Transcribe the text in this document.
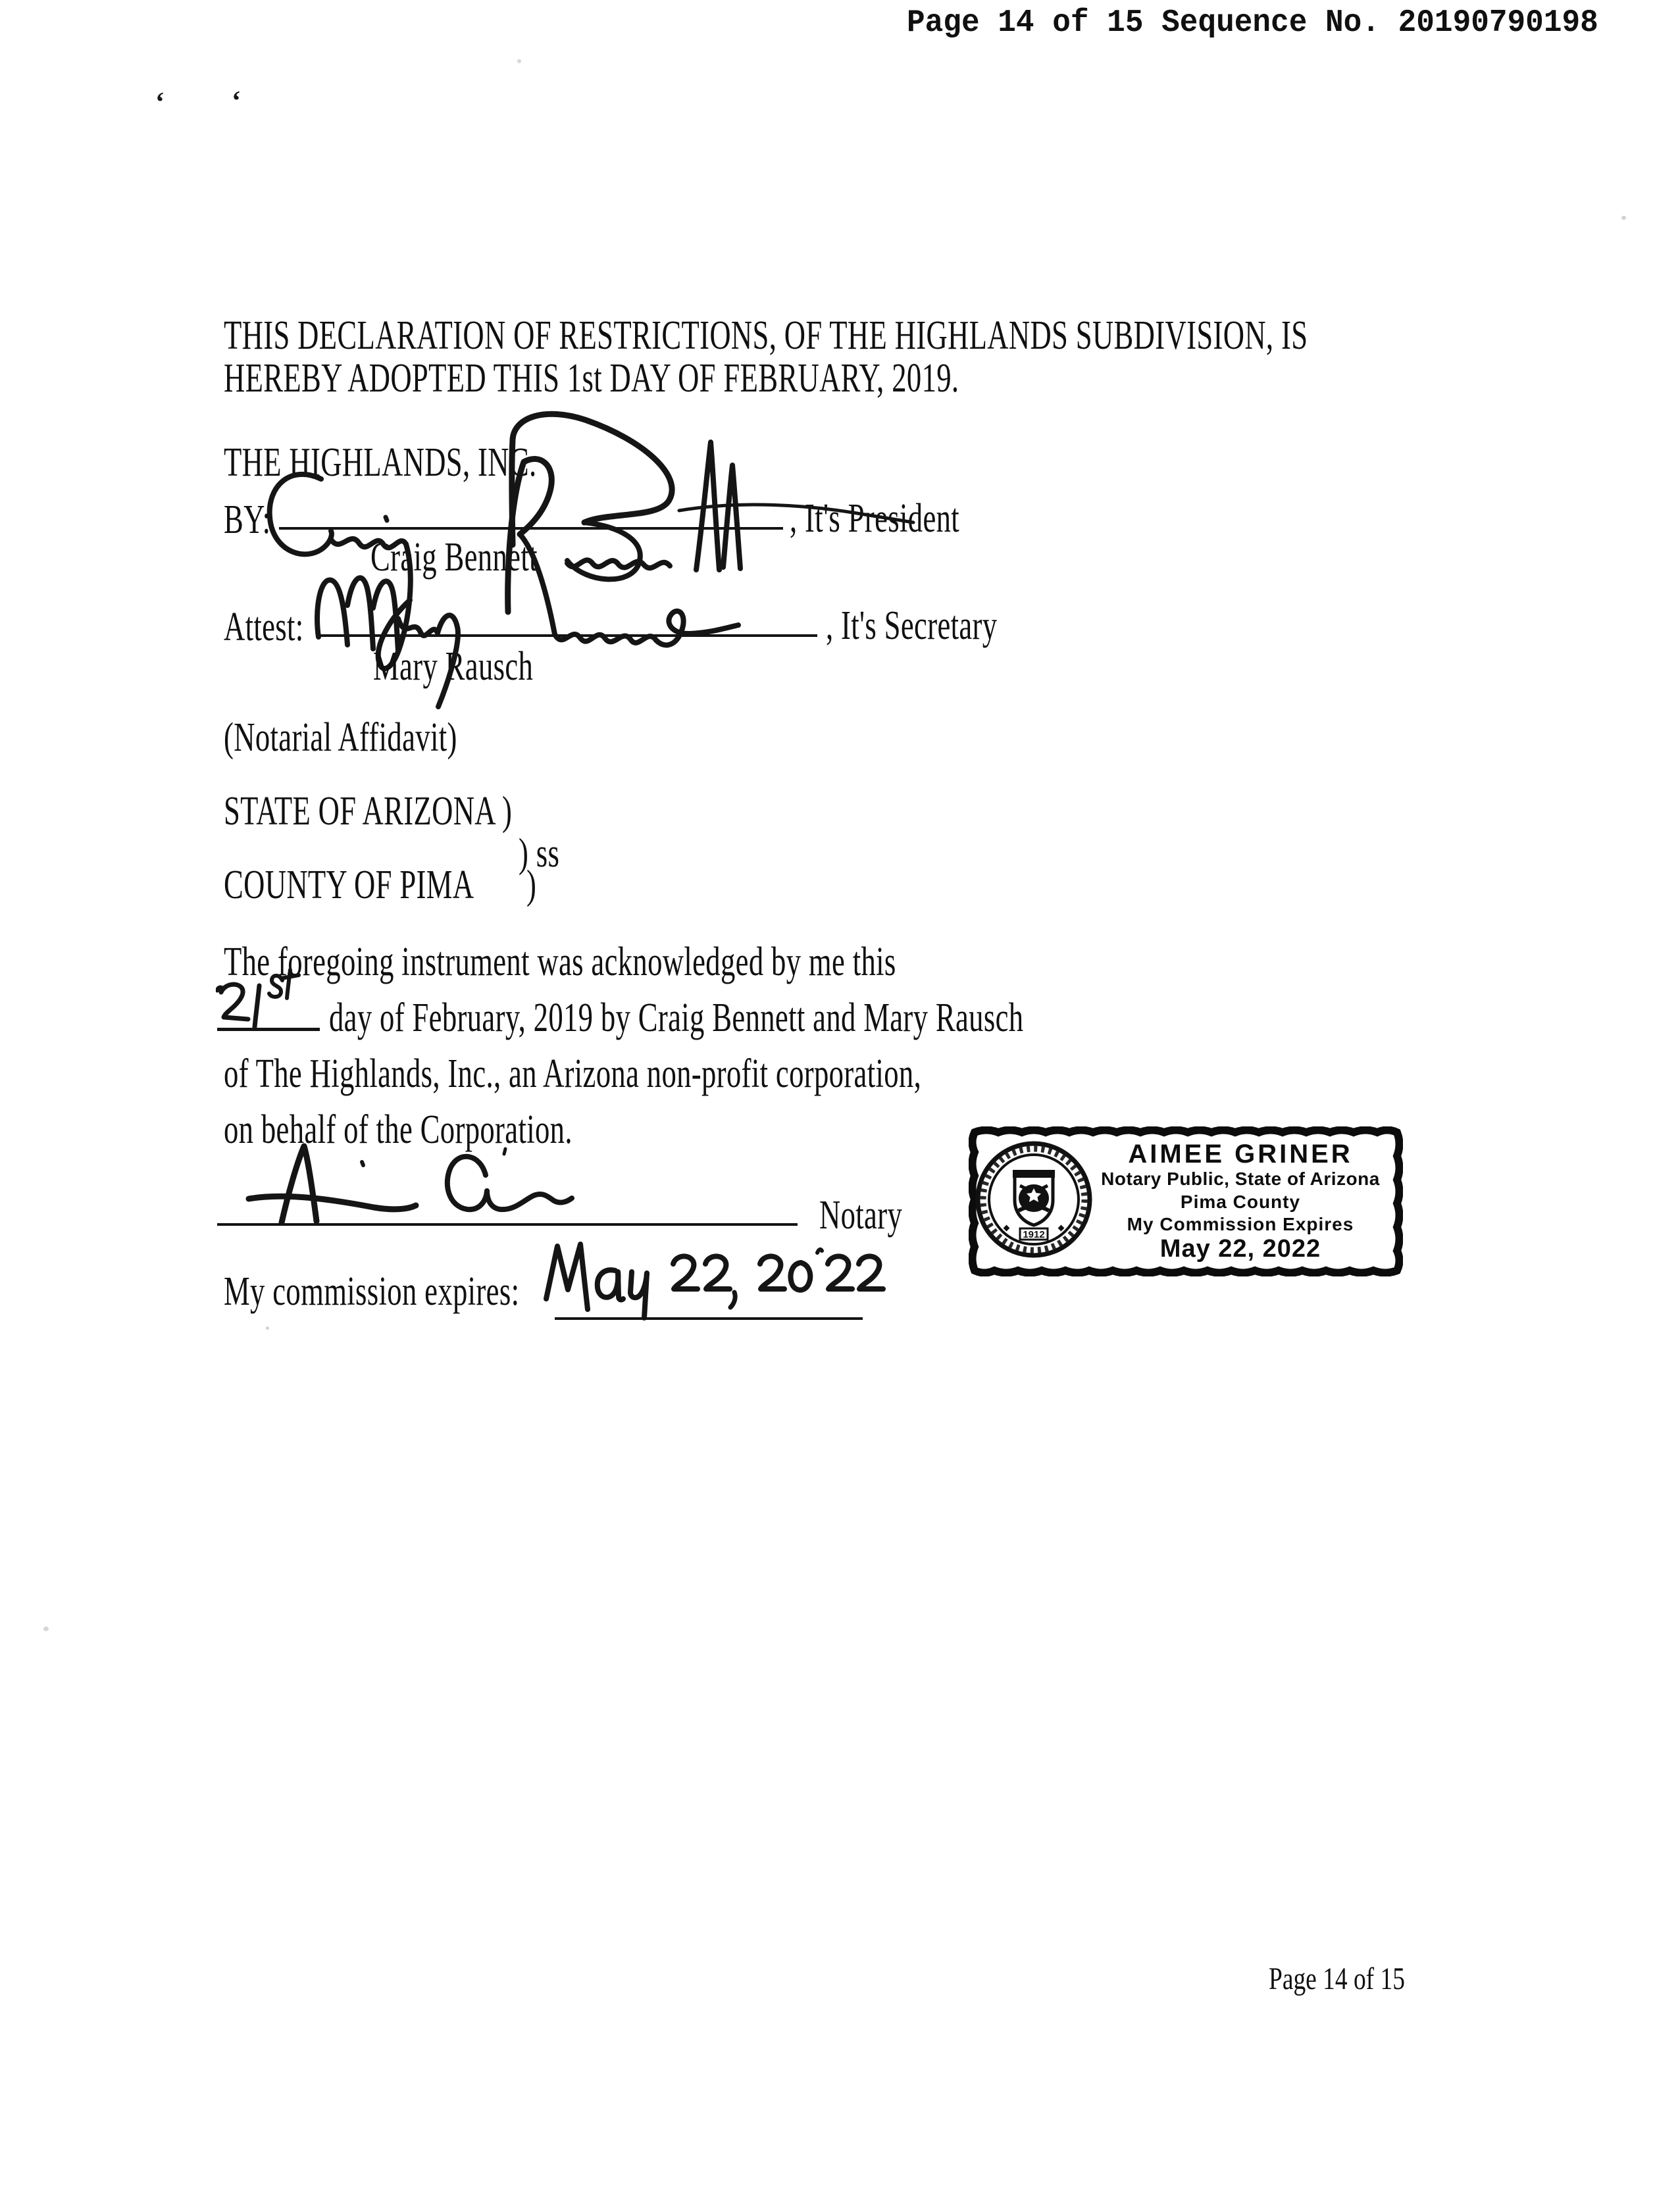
Page 14 of 15 Sequence No. 20190790198
‘ ‘
THIS DECLARATION OF RESTRICTIONS, OF THE HIGHLANDS SUBDIVISION, IS
HEREBY ADOPTED THIS 1st DAY OF FEBRUARY, 2019.
THE HIGHLANDS, INC.
BY:	, It's President
Craig Bennett
Attest:	, It's Secretary
Mary Rausch
(Notarial Affidavit)
STATE OF ARIZONA )
) ss
COUNTY OF PIMA )
The foregoing instrument was acknowledged by me this
day of February, 2019 by Craig Bennett and Mary Rausch
of The Highlands, Inc., an Arizona non-profit corporation,
on behalf of the Corporation.
Notary
My commission expires:
1912
AIMEE GRINER
Notary Public, State of Arizona
Pima County
My Commission Expires
May 22, 2022
Page 14 of 15
